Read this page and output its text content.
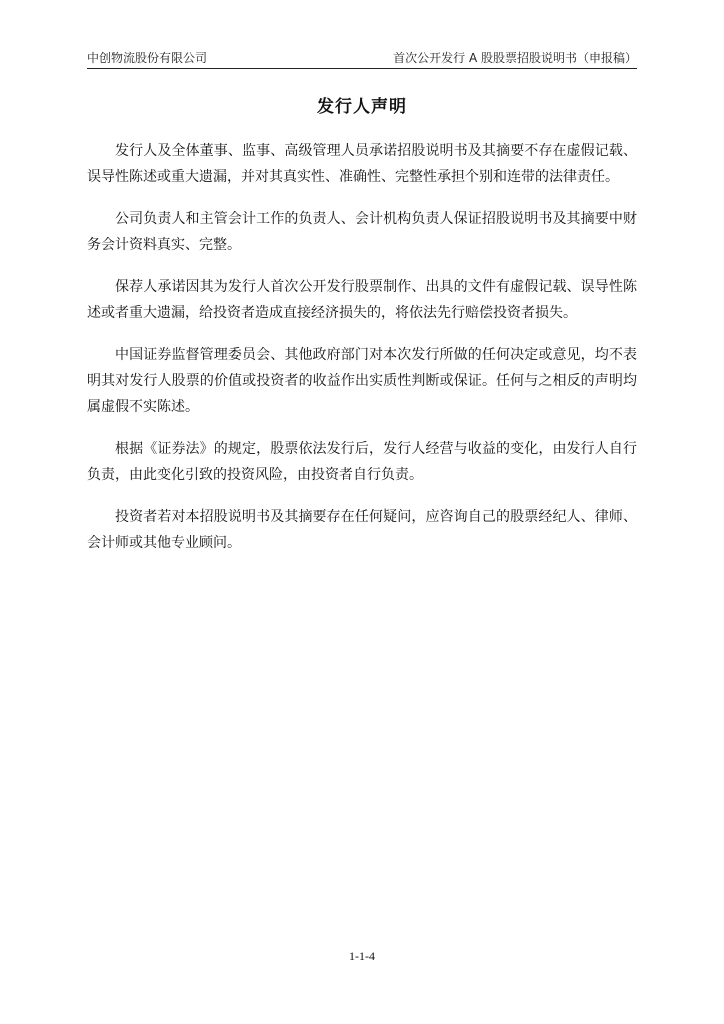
中创物流股份有限公司	首次公开发行 A 股股票招股说明书（申报稿）
发行人声明

发行人及全体董事、监事、高级管理人员承诺招股说明书及其摘要不存在虚假记载、误导性陈述或重大遗漏，并对其真实性、准确性、完整性承担个别和连带的法律责任。

公司负责人和主管会计工作的负责人、会计机构负责人保证招股说明书及其摘要中财务会计资料真实、完整。

保荐人承诺因其为发行人首次公开发行股票制作、出具的文件有虚假记载、误导性陈述或者重大遗漏，给投资者造成直接经济损失的，将依法先行赔偿投资者损失。

中国证券监督管理委员会、其他政府部门对本次发行所做的任何决定或意见，均不表明其对发行人股票的价值或投资者的收益作出实质性判断或保证。任何与之相反的声明均属虚假不实陈述。

根据《证券法》的规定，股票依法发行后，发行人经营与收益的变化，由发行人自行负责，由此变化引致的投资风险，由投资者自行负责。

投资者若对本招股说明书及其摘要存在任何疑问，应咨询自己的股票经纪人、律师、会计师或其他专业顾问。

1-1-4
